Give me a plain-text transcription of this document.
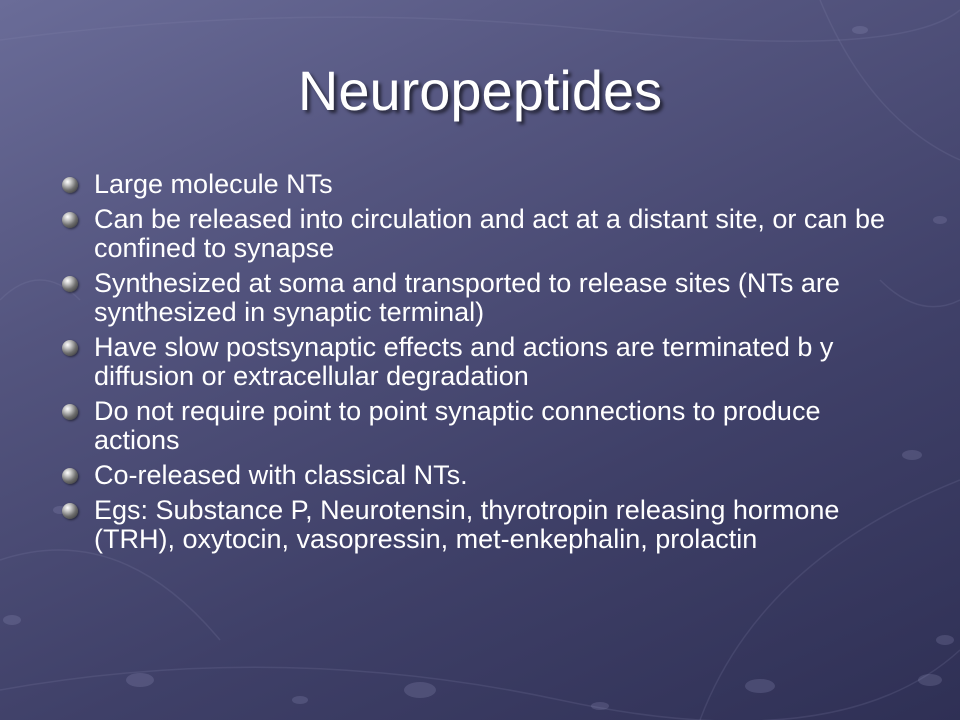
Neuropeptides
Large molecule NTs
Can be released into circulation and act at a distant site, or can be confined to synapse
Synthesized at soma and transported to release sites (NTs are synthesized in synaptic terminal)
Have slow postsynaptic effects and actions are terminated b y diffusion or extracellular degradation
Do not require point to point synaptic connections to produce actions
Co-released with classical NTs.
Egs: Substance P, Neurotensin, thyrotropin releasing hormone (TRH), oxytocin, vasopressin, met-enkephalin, prolactin
